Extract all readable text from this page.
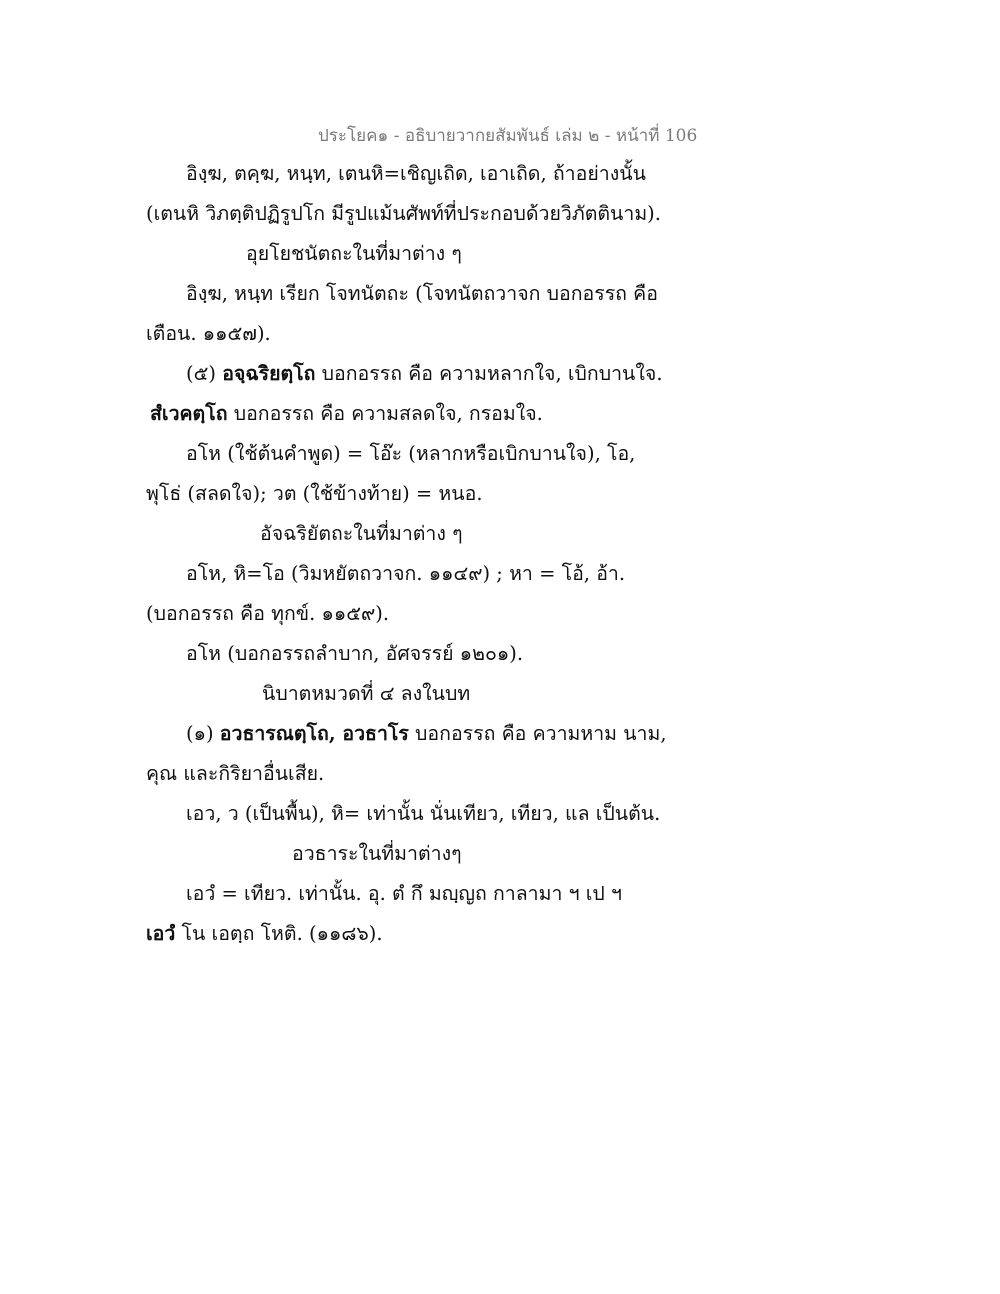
ประโยค๑ - อธิบายวากยสัมพันธ์ เล่ม ๒ - หน้าที่ 106
อิงฺฆ, ตคฺฆ, หนฺท, เตนหิ=เชิญเถิด, เอาเถิด, ถ้าอย่างนั้น
(เตนหิ วิภตฺติปฏิรูปโก มีรูปแม้นศัพท์ที่ประกอบด้วยวิภัตตินาม).
อุยโยชนัตถะในที่มาต่าง ๆ
อิงฺฆ, หนฺท เรียก โจทนัตถะ (โจทนัตถวาจก บอกอรรถ คือ
เตือน. ๑๑๕๗).
(๕) อจฺฉริยตฺโถ บอกอรรถ คือ ความหลากใจ, เบิกบานใจ.
สํเวคตฺโถ บอกอรรถ คือ ความสลดใจ, กรอมใจ.
อโห (ใช้ต้นคำพูด) = โอ๊ะ (หลากหรือเบิกบานใจ), โอ,
พุโธ่ (สลดใจ); วต (ใช้ข้างท้าย) = หนอ.
อัจฉริยัตถะในที่มาต่าง ๆ
อโห, หิ=โอ (วิมหยัตถวาจก. ๑๑๔๙) ; หา = โอ้, อ้า.
(บอกอรรถ คือ ทุกข์. ๑๑๕๙).
อโห (บอกอรรถลำบาก, อัศจรรย์ ๑๒๐๑).
นิบาตหมวดที่ ๔ ลงในบท
(๑) อวธารณตฺโถ, อวธาโร บอกอรรถ คือ ความหาม นาม,
คุณ และกิริยาอื่นเสีย.
เอว, ว (เป็นพื้น), หิ= เท่านั้น นั่นเทียว, เทียว, แล เป็นต้น.
อวธาระในที่มาต่างๆ
เอวํ = เทียว. เท่านั้น. อุ. ตํ กึ มญฺญถ กาลามา ฯ เป ฯ
เอวํ โน เอตฺถ โหติ. (๑๑๘๖).
